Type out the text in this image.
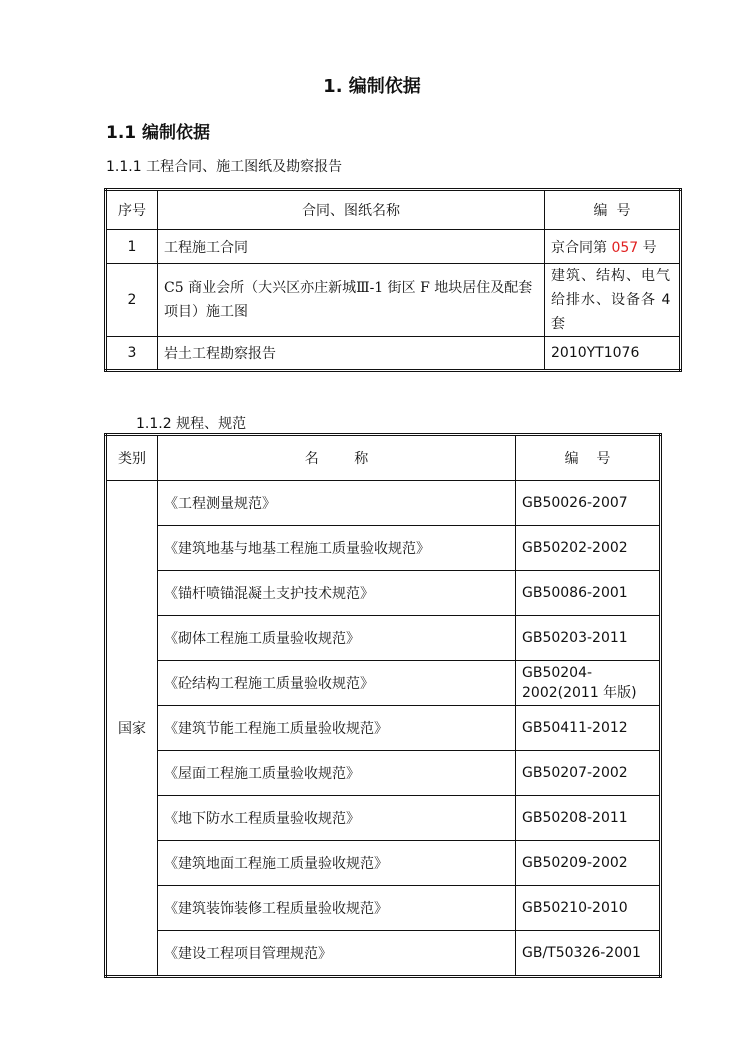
1. 编制依据
1.1 编制依据
1.1.1 工程合同、施工图纸及勘察报告
序号	合同、图纸名称	编  号
1	工程施工合同	京合同第 057 号
2	C5 商业会所（大兴区亦庄新城Ⅲ-1 街区 F 地块居住及配套项目）施工图	建筑、结构、电气给排水、设备各 4 套
3	岩土工程勘察报告	2010YT1076
1.1.2 规程、规范
类别	名        称	编    号
国家	《工程测量规范》	GB50026-2007
	《建筑地基与地基工程施工质量验收规范》	GB50202-2002
	《锚杆喷锚混凝土支护技术规范》	GB50086-2001
	《砌体工程施工质量验收规范》	GB50203-2011
	《砼结构工程施工质量验收规范》	GB50204-2002(2011 年版)
	《建筑节能工程施工质量验收规范》	GB50411-2012
	《屋面工程施工质量验收规范》	GB50207-2002
	《地下防水工程质量验收规范》	GB50208-2011
	《建筑地面工程施工质量验收规范》	GB50209-2002
	《建筑装饰装修工程质量验收规范》	GB50210-2010
	《建设工程项目管理规范》	GB/T50326-2001
